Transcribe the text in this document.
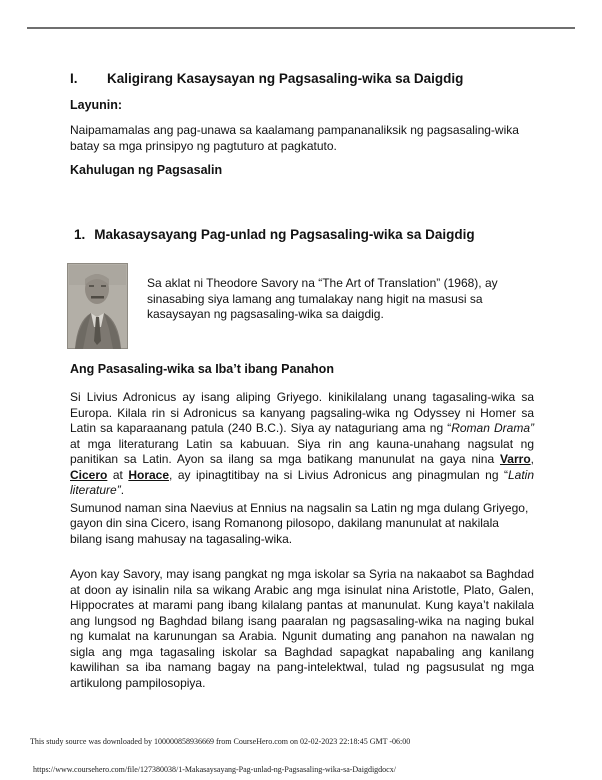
I. Kaligirang Kasaysayan ng Pagsasaling-wika sa Daigdig
Layunin:
Naipamamalas ang pag-unawa sa kaalamang pampananaliksik ng pagsasaling-wika batay sa mga prinsipyo ng pagtuturo at pagkatuto.
Kahulugan ng Pagsasalin
1. Makasaysayang Pag-unlad ng Pagsasaling-wika sa Daigdig
Sa aklat ni Theodore Savory na “The Art of Translation” (1968), ay sinasabing siya lamang ang tumalakay nang higit na masusi sa kasaysayan ng pagsasaling-wika sa daigdig.
Ang Pasasaling-wika sa Iba’t ibang Panahon
Si Livius Adronicus ay isang aliping Griyego. kinikilalang unang tagasaling-wika sa Europa. Kilala rin si Adronicus sa kanyang pagsaling-wika ng Odyssey ni Homer sa Latin sa kaparaanang patula (240 B.C.). Siya ay nataguriang ama ng “Roman Drama” at mga literaturang Latin sa kabuuan. Siya rin ang kauna-unahang nagsulat ng panitikan sa Latin. Ayon sa ilang sa mga batikang manunulat na gaya nina Varro, Cicero at Horace, ay ipinagtitibay na si Livius Adronicus ang pinagmulan ng “Latin literature”.
Sumunod naman sina Naevius at Ennius na nagsalin sa Latin ng mga dulang Griyego, gayon din sina Cicero, isang Romanong pilosopo, dakilang manunulat at nakilala bilang isang mahusay na tagasaling-wika.
Ayon kay Savory, may isang pangkat ng mga iskolar sa Syria na nakaabot sa Baghdad at doon ay isinalin nila sa wikang Arabic ang mga isinulat nina Aristotle, Plato, Galen, Hippocrates at marami pang ibang kilalang pantas at manunulat. Kung kaya’t nakilala ang lungsod ng Baghdad bilang isang paaralan ng pagsasaling-wika na naging bukal ng kumalat na karunungan sa Arabia. Ngunit dumating ang panahon na nawalan ng sigla ang mga tagasaling iskolar sa Baghdad sapagkat napabaling ang kanilang kawilihan sa iba namang bagay na pang-intelektwal, tulad ng pagsusulat ng mga artikulong pampilosopiya.
This study source was downloaded by 100000858936669 from CourseHero.com on 02-02-2023 22:18:45 GMT -06:00
https://www.coursehero.com/file/127380038/1-Makasaysayang-Pag-unlad-ng-Pagsasaling-wika-sa-Daigdigdocx/
